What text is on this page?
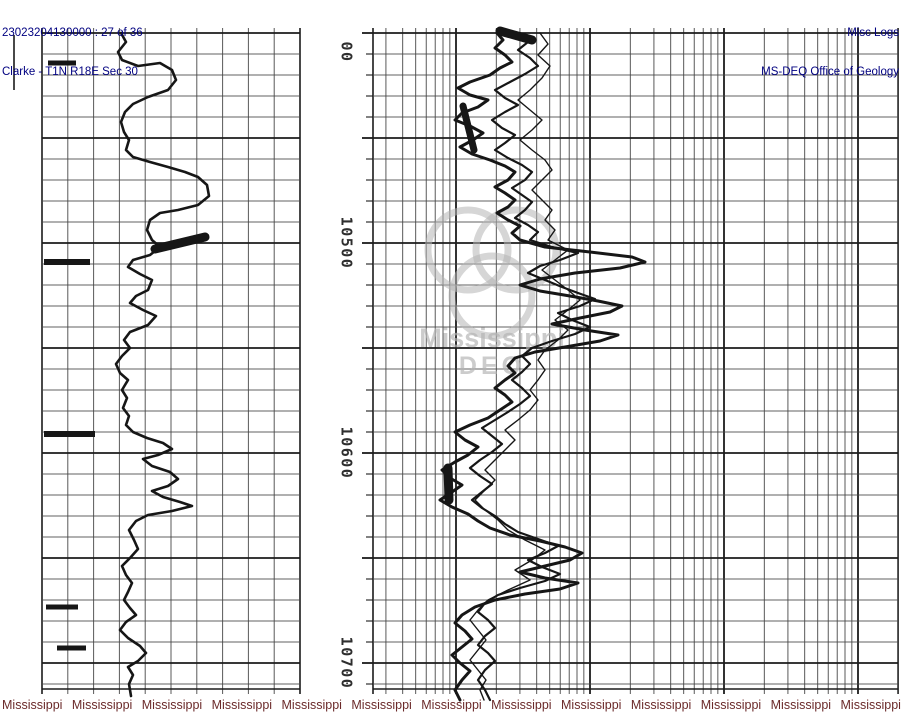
Mississippi
DEQ
00
10500
10600
10700

23023204130000 : 27 of 36

Clarke - T1N R18E Sec 30

Misc Logs

MS-DEQ Office of Geology

Mississippi Mississippi Mississippi Mississippi Mississippi Mississippi Mississippi Mississippi Mississippi Mississippi Mississippi Mississippi Mississippi
